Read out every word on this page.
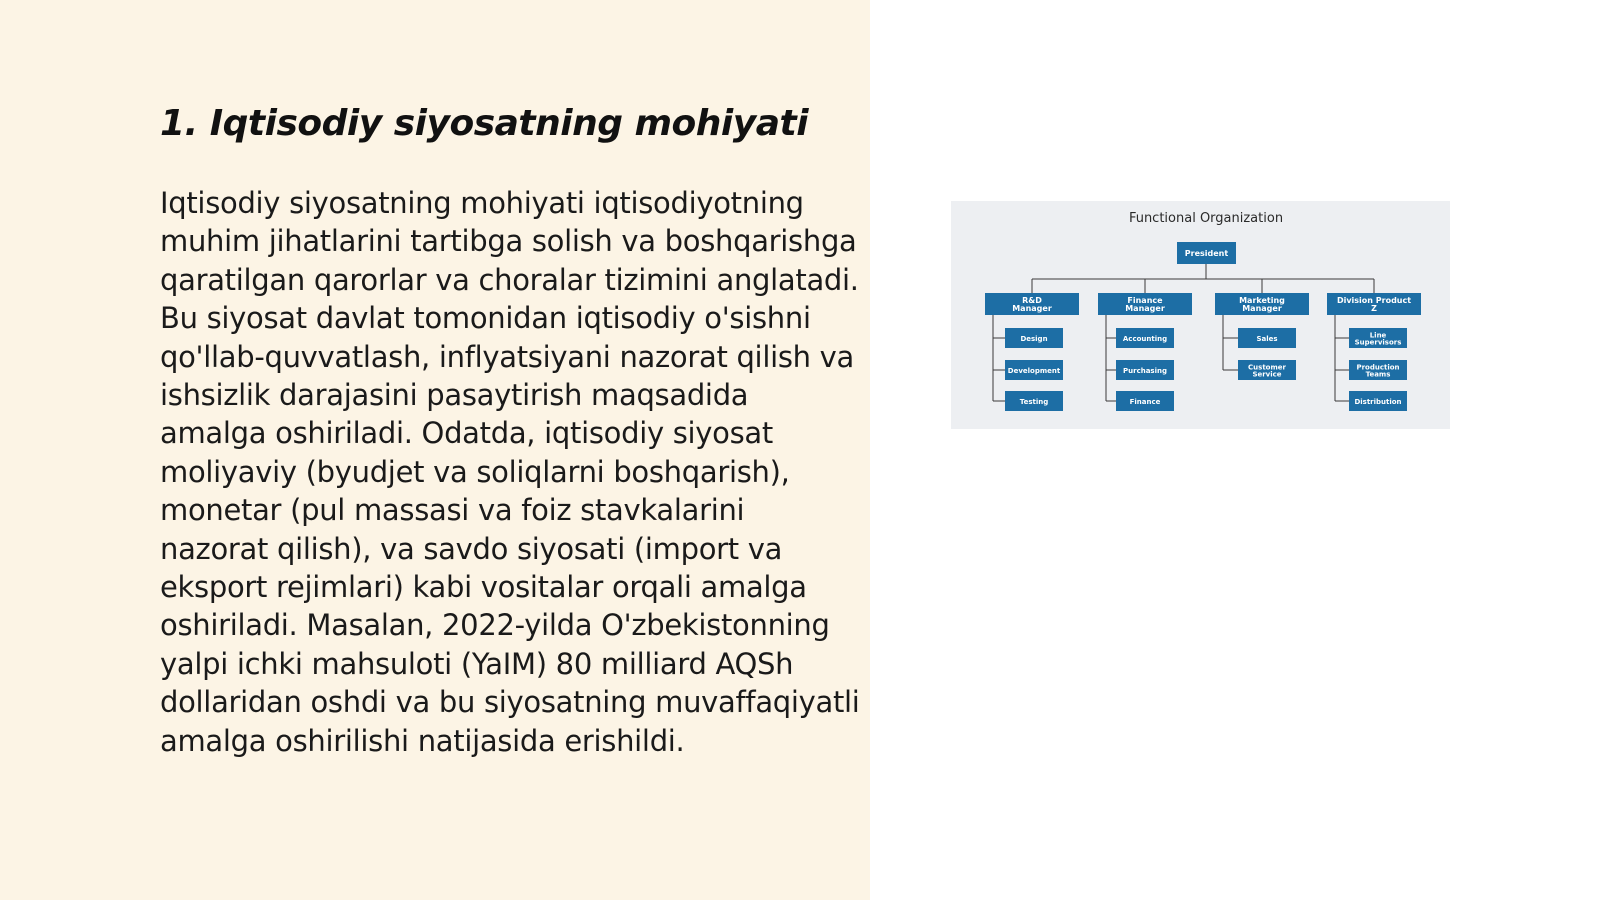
1. Iqtisodiy siyosatning mohiyati

Iqtisodiy siyosatning mohiyati iqtisodiyotning muhim jihatlarini tartibga solish va boshqarishga qaratilgan qarorlar va choralar tizimini anglatadi. Bu siyosat davlat tomonidan iqtisodiy o'sishni qo'llab-quvvatlash, inflyatsiyani nazorat qilish va ishsizlik darajasini pasaytirish maqsadida amalga oshiriladi. Odatda, iqtisodiy siyosat moliyaviy (byudjet va soliqlarni boshqarish), monetar (pul massasi va foiz stavkalarini nazorat qilish), va savdo siyosati (import va eksport rejimlari) kabi vositalar orqali amalga oshiriladi. Masalan, 2022-yilda O'zbekistonning yalpi ichki mahsuloti (YaIM) 80 milliard AQSh dollaridan oshdi va bu siyosatning muvaffaqiyatli amalga oshirilishi natijasida erishildi.

Functional Organization
President
R&D
Manager
Design
Development
Testing
Finance
Manager
Accounting
Purchasing
Finance
Marketing
Manager
Sales
Customer
Service
Division Product
Z
Line
Supervisors
Production
Teams
Distribution
